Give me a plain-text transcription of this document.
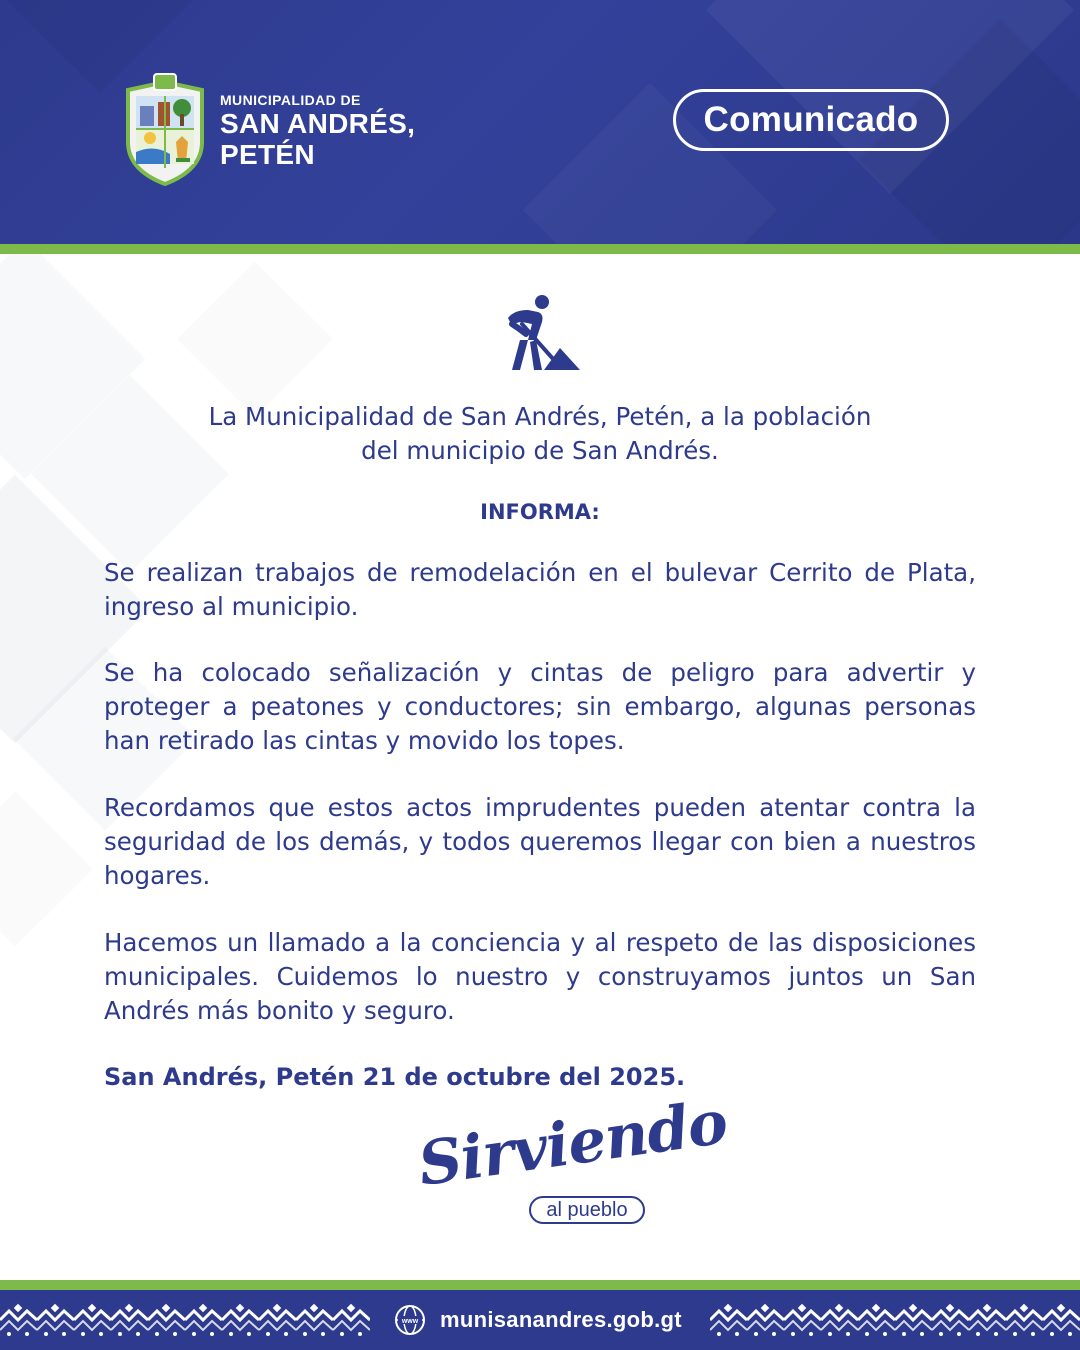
MUNICIPALIDAD DE
SAN ANDRÉS,
PETÉN
Comunicado
La Municipalidad de San Andrés, Petén, a la población
del municipio de San Andrés.
INFORMA:
Se realizan trabajos de remodelación en el bulevar Cerrito de Plata, ingreso al municipio.
Se ha colocado señalización y cintas de peligro para advertir y proteger a peatones y conductores; sin embargo, algunas personas han retirado las cintas y movido los topes.
Recordamos que estos actos imprudentes pueden atentar contra la seguridad de los demás, y todos queremos llegar con bien a nuestros hogares.
Hacemos un llamado a la conciencia y al respeto de las disposiciones municipales. Cuidemos lo nuestro y construyamos juntos un San Andrés más bonito y seguro.
San Andrés, Petén 21 de octubre del 2025.
Sirviendo
al pueblo
www munisanandres.gob.gt
